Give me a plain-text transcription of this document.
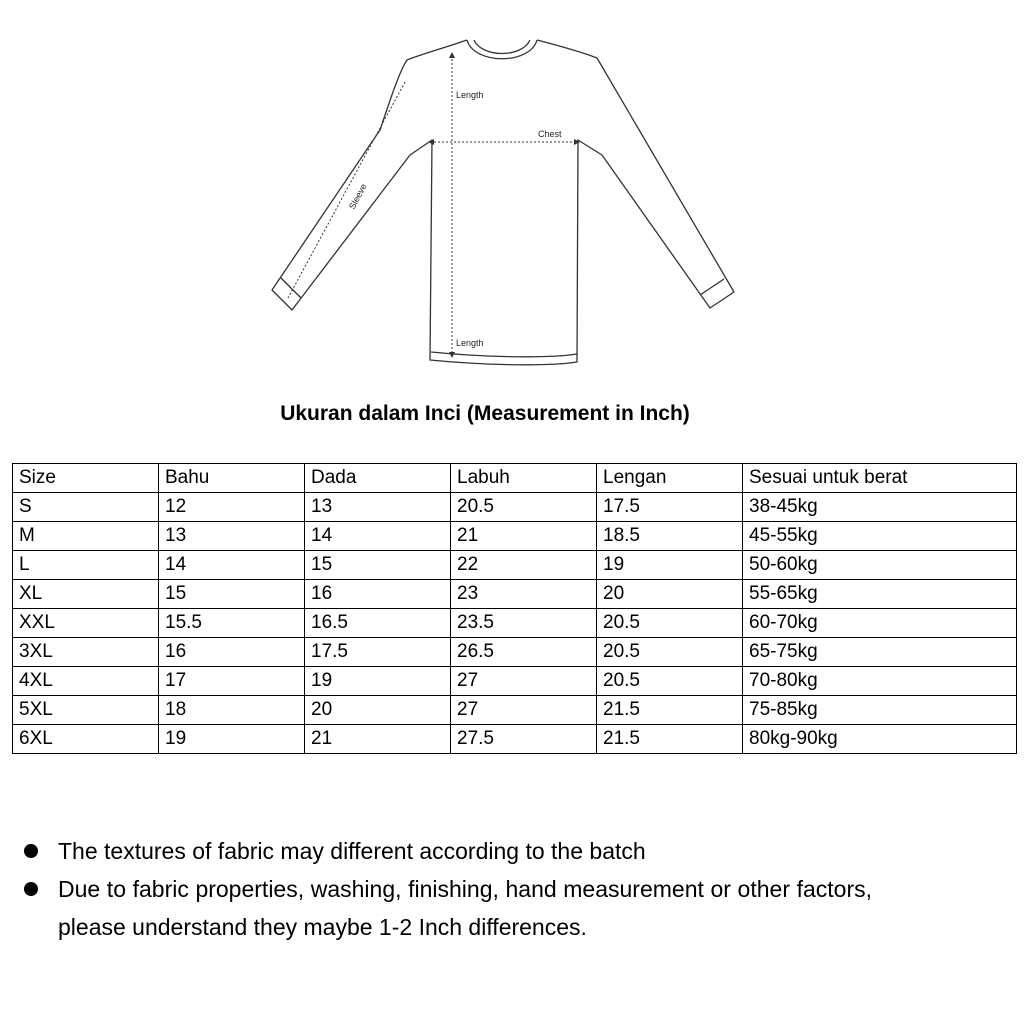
Length
Chest
Sleeve
Length
Ukuran dalam Inci (Measurement in Inch)
Size	Bahu	Dada	Labuh	Lengan	Sesuai untuk berat
S	12	13	20.5	17.5	38-45kg
M	13	14	21	18.5	45-55kg
L	14	15	22	19	50-60kg
XL	15	16	23	20	55-65kg
XXL	15.5	16.5	23.5	20.5	60-70kg
3XL	16	17.5	26.5	20.5	65-75kg
4XL	17	19	27	20.5	70-80kg
5XL	18	20	27	21.5	75-85kg
6XL	19	21	27.5	21.5	80kg-90kg
The textures of fabric may different according to the batch
Due to fabric properties, washing, finishing, hand measurement or other factors, please understand they maybe 1-2 Inch differences.
